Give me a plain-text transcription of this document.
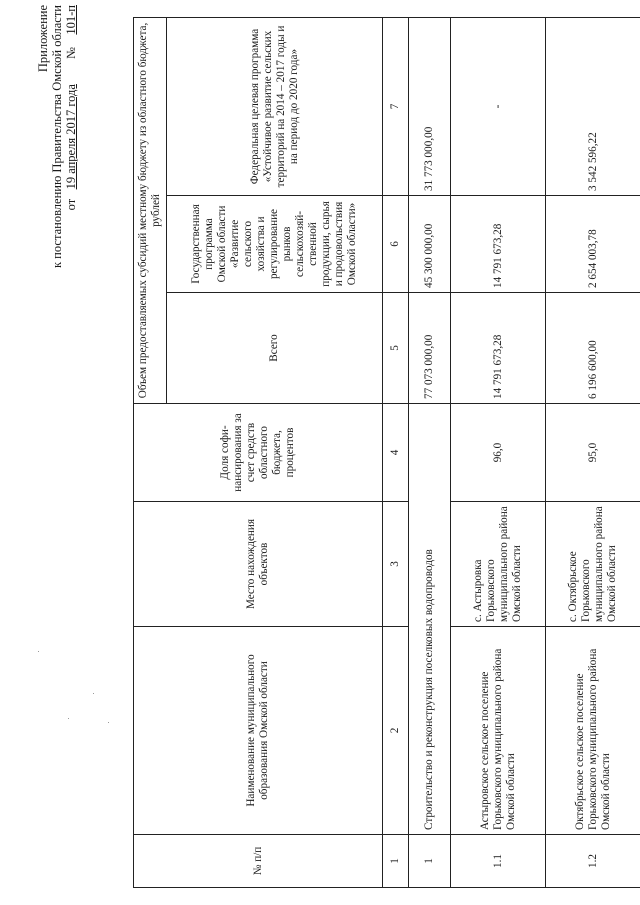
Приложение к постановлению Правительства Омской области от   19 апреля 2017 года        №    101-п
№ п/п	Наименование муниципального образования Омской области	Место нахождения объектов	Доля софи-нансирования за счет средств областного бюджета, процентов	Объем предоставляемых субсидий местному бюджету из областного бюджета, рублей		
				Всего	Государственная программа Омской области «Развитие сельского хозяйства и регулирование рынков сельскохозяй-ственной продукции, сырья и продовольствия Омской области»	Федеральная целевая программа «Устойчивое развитие сельских территорий на 2014 – 2017 годы и на период до 2020 года»
1	2	3	4	5	6	7
1	Строительство и реконструкция поселковых водопроводов			77 073 000,00	45 300 000,00	31 773 000,00
1.1	Астыровское сельское поселение Горьковского муниципального района Омской области	с. Астыровка Горьковского муниципального района Омской области	96,0	14 791 673,28	14 791 673,28	-
1.2	Октябрьское сельское поселение Горьковского муниципального района Омской области	с. Октябрьское Горьковского муниципального района Омской области	95,0	6 196 600,00	2 654 003,78	3 542 596,22
